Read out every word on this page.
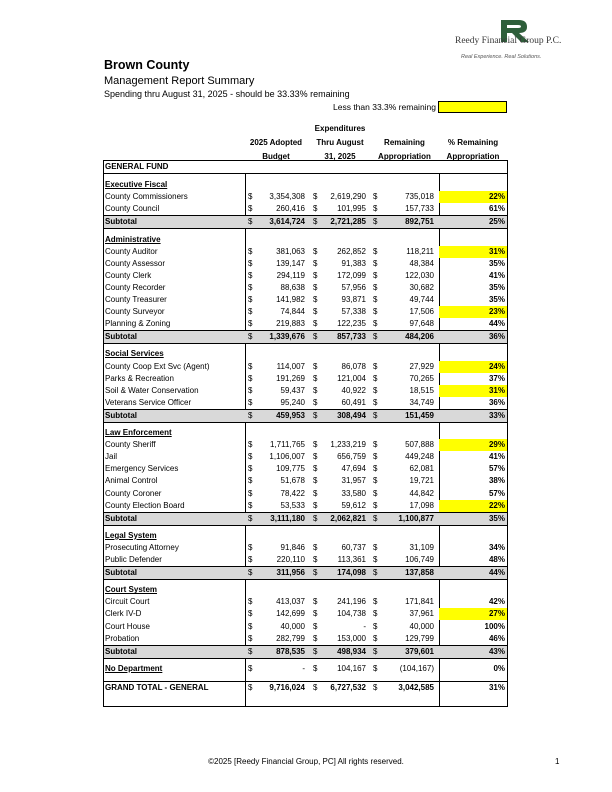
Brown County
Management Report Summary
Spending thru August 31, 2025 - should be 33.33% remaining
Reedy Financial Group P.C.
Real Experience. Real Solutions.
Less than 33.3% remaining
2025 Adopted
Budget
Expenditures
Thru August
31, 2025
Remaining
Appropriation
% Remaining
Appropriation
GENERAL FUND
Executive Fiscal
County Commissioners	$ 3,354,308 $ 2,619,290 $	735,018	22%
County Council	$	260,416 $ 101,995 $	157,733	61%
Subtotal	$ 3,614,724 $ 2,721,285 $	892,751	25%
Administrative
County Auditor	$	381,063 $ 262,852 $	118,211	31%
County Assessor	$	139,147 $	91,383 $	48,384	35%
County Clerk	$	294,119 $ 172,099 $	122,030	41%
County Recorder	$	88,638 $	57,956 $	30,682	35%
County Treasurer	$	141,982 $	93,871 $	49,744	35%
County Surveyor	$	74,844 $	57,338 $	17,506	23%
Planning & Zoning	$	219,883 $ 122,235 $	97,648	44%
Subtotal	$ 1,339,676 $ 857,733 $	484,206	36%
Social Services
County Coop Ext Svc (Agent)	$	114,007 $	86,078 $	27,929	24%
Parks & Recreation	$	191,269 $ 121,004 $	70,265	37%
Soil & Water Conservation	$	59,437 $	40,922 $	18,515	31%
Veterans Service Officer	$	95,240 $	60,491 $	34,749	36%
Subtotal	$	459,953 $ 308,494 $	151,459	33%
Law Enforcement
County Sheriff	$ 1,711,765 $ 1,233,219 $	507,888	29%
Jail	$ 1,106,007 $ 656,759 $	449,248	41%
Emergency Services	$	109,775 $	47,694 $	62,081	57%
Animal Control	$	51,678 $	31,957 $	19,721	38%
County Coroner	$	78,422 $	33,580 $	44,842	57%
County Election Board	$	53,533 $	59,612 $	17,098	22%
Subtotal	$ 3,111,180 $ 2,062,821 $	1,100,877	35%
Legal System
Prosecuting Attorney	$	91,846 $	60,737 $	31,109	34%
Public Defender	$	220,110 $	113,361 $	106,749	48%
Subtotal	$	311,956 $ 174,098 $	137,858	44%
Court System
Circuit Court	$	413,037 $ 241,196 $	171,841	42%
Clerk IV-D	$	142,699 $ 104,738 $	37,961	27%
Court House	$	40,000 $	- $	40,000	100%
Probation	$	282,799 $ 153,000 $	129,799	46%
Subtotal	$	878,535 $ 498,934 $	379,601	43%
No Department	$	- $ 104,167 $	(104,167)	0%
GRAND TOTAL - GENERAL	$ 9,716,024 $ 6,727,532 $	3,042,585	31%
©2025 [Reedy Financial Group, PC] All rights reserved.	1
